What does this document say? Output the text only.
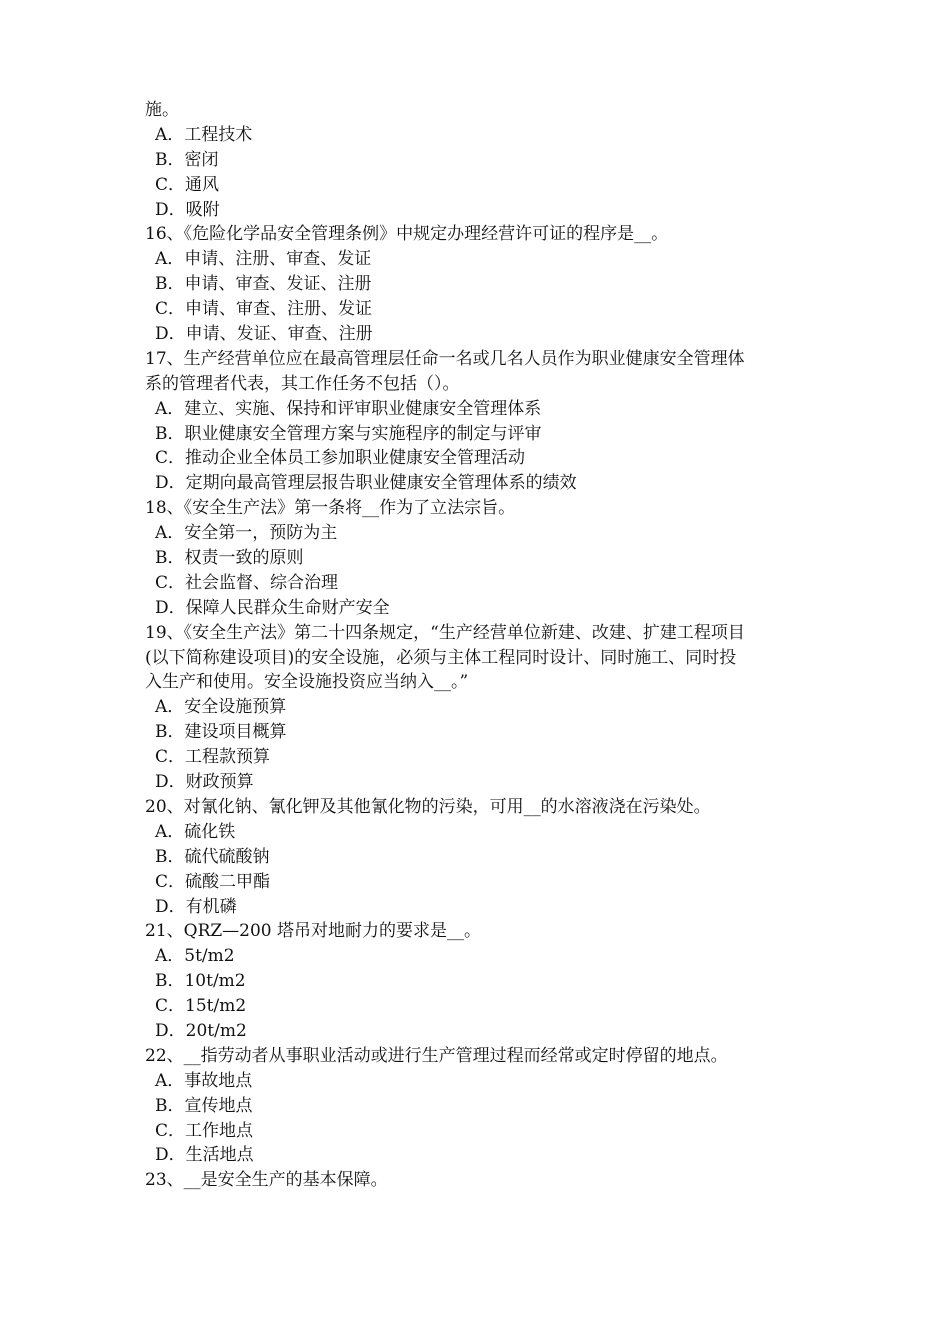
施。
A．工程技术
B．密闭
C．通风
D．吸附
16、《危险化学品安全管理条例》中规定办理经营许可证的程序是__。
A．申请、注册、审查、发证
B．申请、审查、发证、注册
C．申请、审查、注册、发证
D．申请、发证、审查、注册
17、生产经营单位应在最高管理层任命一名或几名人员作为职业健康安全管理体
系的管理者代表，其工作任务不包括（）。
A．建立、实施、保持和评审职业健康安全管理体系
B．职业健康安全管理方案与实施程序的制定与评审
C．推动企业全体员工参加职业健康安全管理活动
D．定期向最高管理层报告职业健康安全管理体系的绩效
18、《安全生产法》第一条将__作为了立法宗旨。
A．安全第一，预防为主
B．权责一致的原则
C．社会监督、综合治理
D．保障人民群众生命财产安全
19、《安全生产法》第二十四条规定，“生产经营单位新建、改建、扩建工程项目
(以下简称建设项目)的安全设施，必须与主体工程同时设计、同时施工、同时投
入生产和使用。安全设施投资应当纳入__。”
A．安全设施预算
B．建设项目概算
C．工程款预算
D．财政预算
20、对氰化钠、氰化钾及其他氰化物的污染，可用__的水溶液浇在污染处。
A．硫化铁
B．硫代硫酸钠
C．硫酸二甲酯
D．有机磷
21、QRZ—200 塔吊对地耐力的要求是__。
A．5t/m2
B．10t/m2
C．15t/m2
D．20t/m2
22、__指劳动者从事职业活动或进行生产管理过程而经常或定时停留的地点。
A．事故地点
B．宣传地点
C．工作地点
D．生活地点
23、__是安全生产的基本保障。
